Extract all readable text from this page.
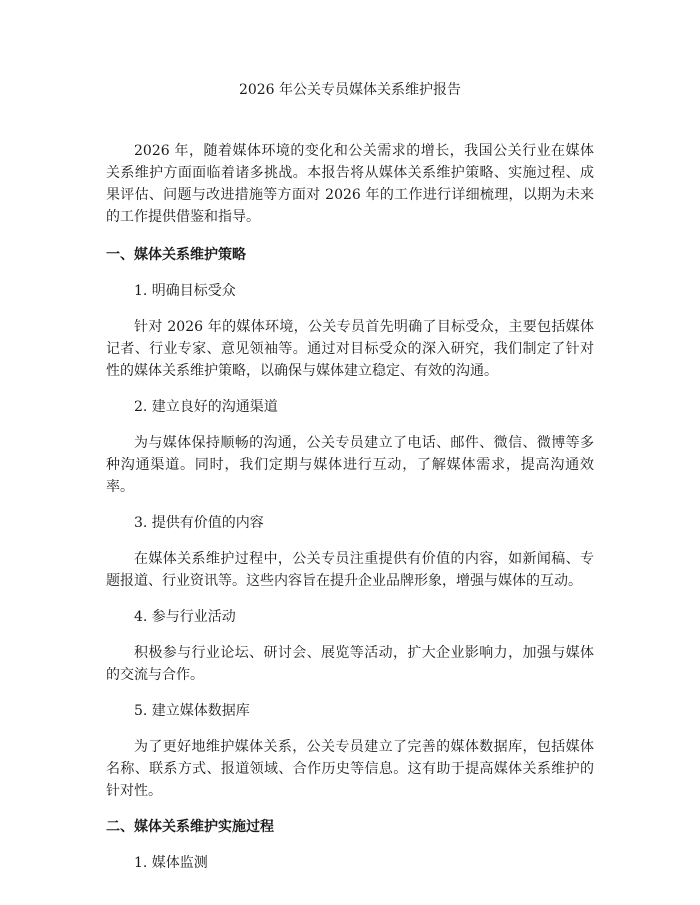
2026 年公关专员媒体关系维护报告

2026 年，随着媒体环境的变化和公关需求的增长，我国公关行业在媒体关系维护方面面临着诸多挑战。本报告将从媒体关系维护策略、实施过程、成果评估、问题与改进措施等方面对 2026 年的工作进行详细梳理，以期为未来的工作提供借鉴和指导。

一、媒体关系维护策略
1. 明确目标受众

针对 2026 年的媒体环境，公关专员首先明确了目标受众，主要包括媒体记者、行业专家、意见领袖等。通过对目标受众的深入研究，我们制定了针对性的媒体关系维护策略，以确保与媒体建立稳定、有效的沟通。

2. 建立良好的沟通渠道

为与媒体保持顺畅的沟通，公关专员建立了电话、邮件、微信、微博等多种沟通渠道。同时，我们定期与媒体进行互动，了解媒体需求，提高沟通效率。

3. 提供有价值的内容

在媒体关系维护过程中，公关专员注重提供有价值的内容，如新闻稿、专题报道、行业资讯等。这些内容旨在提升企业品牌形象，增强与媒体的互动。

4. 参与行业活动

积极参与行业论坛、研讨会、展览等活动，扩大企业影响力，加强与媒体的交流与合作。

5. 建立媒体数据库

为了更好地维护媒体关系，公关专员建立了完善的媒体数据库，包括媒体名称、联系方式、报道领域、合作历史等信息。这有助于提高媒体关系维护的针对性。

二、媒体关系维护实施过程
1. 媒体监测
